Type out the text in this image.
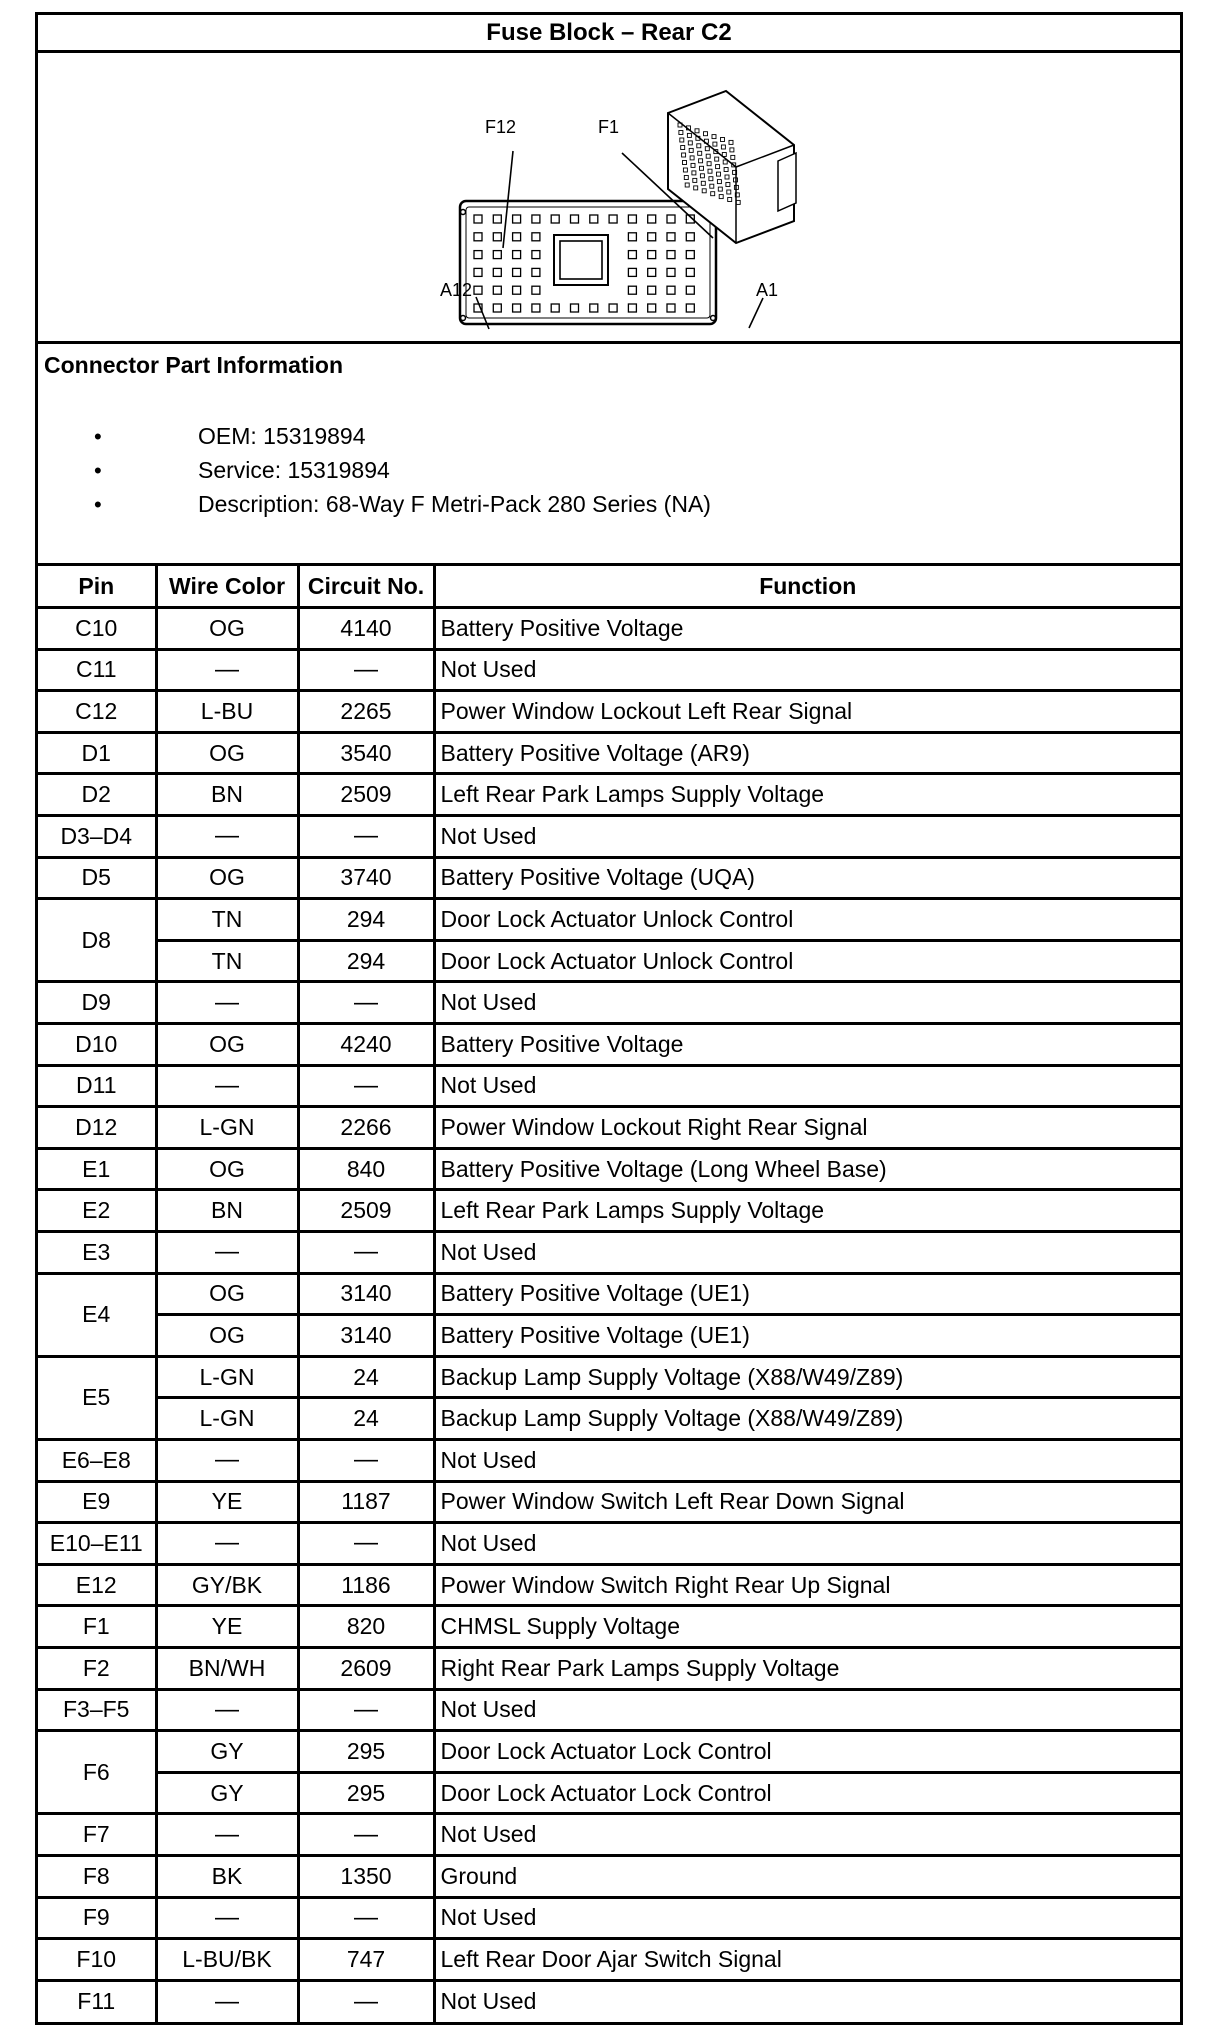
Fuse Block – Rear C2
F12	F1
A12	A1
Connector Part Information
•	OEM: 15319894
•	Service: 15319894
•	Description: 68-Way F Metri-Pack 280 Series (NA)
Pin	Wire Color	Circuit No.	Function
C10	OG	4140	Battery Positive Voltage
C11	—	—	Not Used
C12	L-BU	2265	Power Window Lockout Left Rear Signal
D1	OG	3540	Battery Positive Voltage (AR9)
D2	BN	2509	Left Rear Park Lamps Supply Voltage
D3–D4	—	—	Not Used
D5	OG	3740	Battery Positive Voltage (UQA)
D8	TN	294	Door Lock Actuator Unlock Control
	TN	294	Door Lock Actuator Unlock Control
D9	—	—	Not Used
D10	OG	4240	Battery Positive Voltage
D11	—	—	Not Used
D12	L-GN	2266	Power Window Lockout Right Rear Signal
E1	OG	840	Battery Positive Voltage (Long Wheel Base)
E2	BN	2509	Left Rear Park Lamps Supply Voltage
E3	—	—	Not Used
E4	OG	3140	Battery Positive Voltage (UE1)
	OG	3140	Battery Positive Voltage (UE1)
E5	L-GN	24	Backup Lamp Supply Voltage (X88/W49/Z89)
	L-GN	24	Backup Lamp Supply Voltage (X88/W49/Z89)
E6–E8	—	—	Not Used
E9	YE	1187	Power Window Switch Left Rear Down Signal
E10–E11	—	—	Not Used
E12	GY/BK	1186	Power Window Switch Right Rear Up Signal
F1	YE	820	CHMSL Supply Voltage
F2	BN/WH	2609	Right Rear Park Lamps Supply Voltage
F3–F5	—	—	Not Used
F6	GY	295	Door Lock Actuator Lock Control
	GY	295	Door Lock Actuator Lock Control
F7	—	—	Not Used
F8	BK	1350	Ground
F9	—	—	Not Used
F10	L-BU/BK	747	Left Rear Door Ajar Switch Signal
F11	—	—	Not Used
